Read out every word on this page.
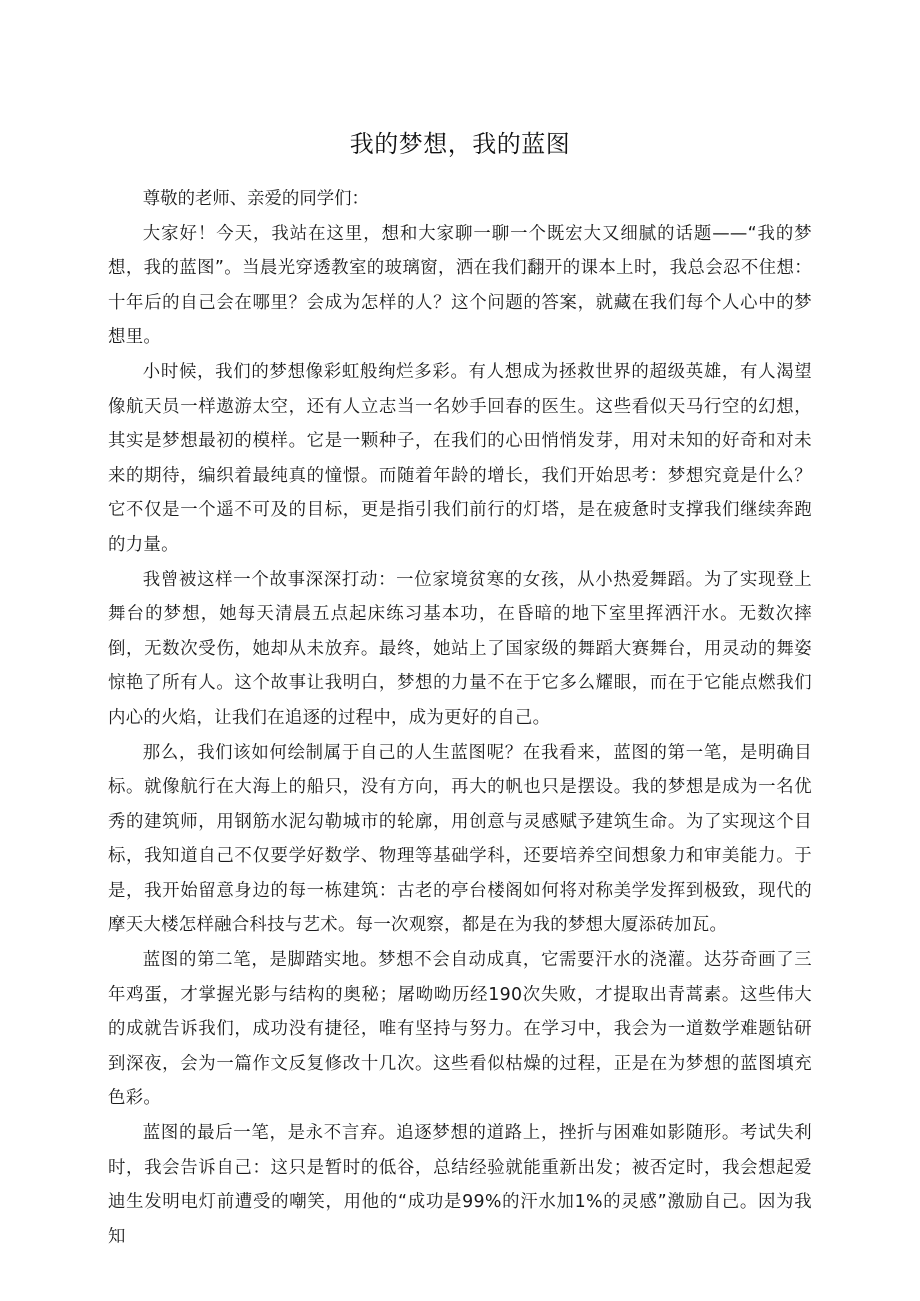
我的梦想，我的蓝图

尊敬的老师、亲爱的同学们：

大家好！今天，我站在这里，想和大家聊一聊一个既宏大又细腻的话题——“我的梦想，我的蓝图”。当晨光穿透教室的玻璃窗，洒在我们翻开的课本上时，我总会忍不住想：十年后的自己会在哪里？会成为怎样的人？这个问题的答案，就藏在我们每个人心中的梦想里。

小时候，我们的梦想像彩虹般绚烂多彩。有人想成为拯救世界的超级英雄，有人渴望像航天员一样遨游太空，还有人立志当一名妙手回春的医生。这些看似天马行空的幻想，其实是梦想最初的模样。它是一颗种子，在我们的心田悄悄发芽，用对未知的好奇和对未来的期待，编织着最纯真的憧憬。而随着年龄的增长，我们开始思考：梦想究竟是什么？它不仅是一个遥不可及的目标，更是指引我们前行的灯塔，是在疲惫时支撑我们继续奔跑的力量。

我曾被这样一个故事深深打动：一位家境贫寒的女孩，从小热爱舞蹈。为了实现登上舞台的梦想，她每天清晨五点起床练习基本功，在昏暗的地下室里挥洒汗水。无数次摔倒，无数次受伤，她却从未放弃。最终，她站上了国家级的舞蹈大赛舞台，用灵动的舞姿惊艳了所有人。这个故事让我明白，梦想的力量不在于它多么耀眼，而在于它能点燃我们内心的火焰，让我们在追逐的过程中，成为更好的自己。

那么，我们该如何绘制属于自己的人生蓝图呢？在我看来，蓝图的第一笔，是明确目标。就像航行在大海上的船只，没有方向，再大的帆也只是摆设。我的梦想是成为一名优秀的建筑师，用钢筋水泥勾勒城市的轮廓，用创意与灵感赋予建筑生命。为了实现这个目标，我知道自己不仅要学好数学、物理等基础学科，还要培养空间想象力和审美能力。于是，我开始留意身边的每一栋建筑：古老的亭台楼阁如何将对称美学发挥到极致，现代的摩天大楼怎样融合科技与艺术。每一次观察，都是在为我的梦想大厦添砖加瓦。

蓝图的第二笔，是脚踏实地。梦想不会自动成真，它需要汗水的浇灌。达芬奇画了三年鸡蛋，才掌握光影与结构的奥秘；屠呦呦历经190次失败，才提取出青蒿素。这些伟大的成就告诉我们，成功没有捷径，唯有坚持与努力。在学习中，我会为一道数学难题钻研到深夜，会为一篇作文反复修改十几次。这些看似枯燥的过程，正是在为梦想的蓝图填充色彩。

蓝图的最后一笔，是永不言弃。追逐梦想的道路上，挫折与困难如影随形。考试失利时，我会告诉自己：这只是暂时的低谷，总结经验就能重新出发；被否定时，我会想起爱迪生发明电灯前遭受的嘲笑，用他的“成功是99%的汗水加1%的灵感”激励自己。因为我知
